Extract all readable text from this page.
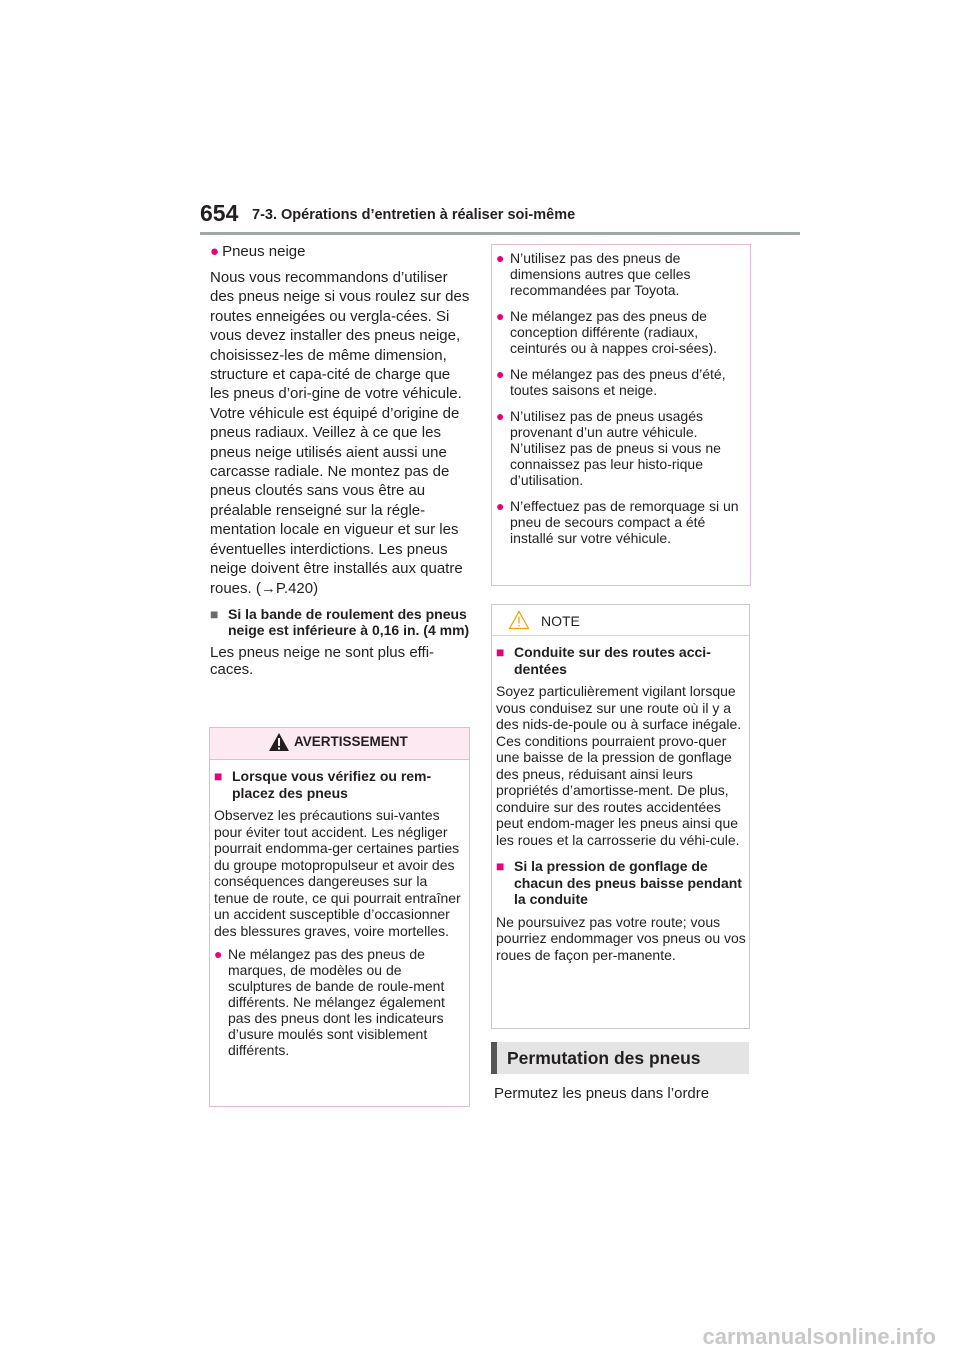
654 7-3. Opérations d’entretien à réaliser soi-même
● Pneus neige
Nous vous recommandons d’utiliser des pneus neige si vous roulez sur des routes enneigées ou vergla-cées. Si vous devez installer des pneus neige, choisissez-les de même dimension, structure et capa-cité de charge que les pneus d’ori-gine de votre véhicule. Votre véhicule est équipé d’origine de pneus radiaux. Veillez à ce que les pneus neige utilisés aient aussi une carcasse radiale. Ne montez pas de pneus cloutés sans vous être au préalable renseigné sur la régle-mentation locale en vigueur et sur les éventuelles interdictions. Les pneus neige doivent être installés aux quatre roues. (→P.420)
■ Si la bande de roulement des pneus neige est inférieure à 0,16 in. (4 mm)
Les pneus neige ne sont plus effi-caces.
AVERTISSEMENT
■ Lorsque vous vérifiez ou rem-placez des pneus
Observez les précautions sui-vantes pour éviter tout accident. Les négliger pourrait endomma-ger certaines parties du groupe motopropulseur et avoir des conséquences dangereuses sur la tenue de route, ce qui pourrait entraîner un accident susceptible d’occasionner des blessures graves, voire mortelles.
● Ne mélangez pas des pneus de marques, de modèles ou de sculptures de bande de roule-ment différents. Ne mélangez également pas des pneus dont les indicateurs d’usure moulés sont visiblement différents.
● N’utilisez pas des pneus de dimensions autres que celles recommandées par Toyota.
● Ne mélangez pas des pneus de conception différente (radiaux, ceinturés ou à nappes croi-sées).
● Ne mélangez pas des pneus d’été, toutes saisons et neige.
● N’utilisez pas de pneus usagés provenant d’un autre véhicule. N’utilisez pas de pneus si vous ne connaissez pas leur histo-rique d’utilisation.
● N’effectuez pas de remorquage si un pneu de secours compact a été installé sur votre véhicule.
NOTE
■ Conduite sur des routes acci-dentées
Soyez particulièrement vigilant lorsque vous conduisez sur une route où il y a des nids-de-poule ou à surface inégale. Ces conditions pourraient provo-quer une baisse de la pression de gonflage des pneus, réduisant ainsi leurs propriétés d’amortisse-ment. De plus, conduire sur des routes accidentées peut endom-mager les pneus ainsi que les roues et la carrosserie du véhi-cule.
■ Si la pression de gonflage de chacun des pneus baisse pendant la conduite
Ne poursuivez pas votre route; vous pourriez endommager vos pneus ou vos roues de façon per-manente.
Permutation des pneus
Permutez les pneus dans l’ordre
carmanualsonline.info
